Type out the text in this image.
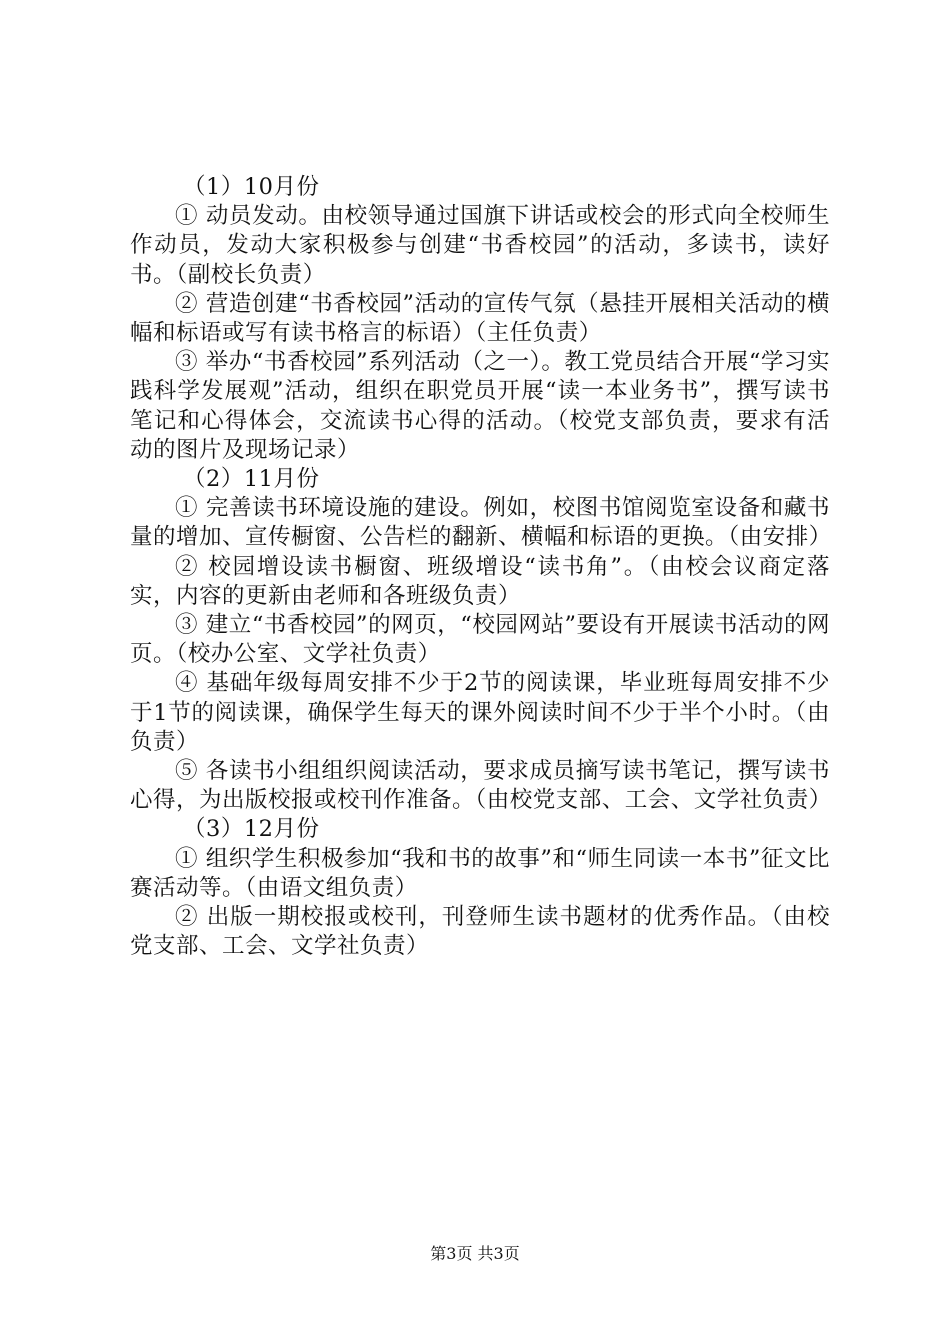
（1）10月份

① 动员发动。由校领导通过国旗下讲话或校会的形式向全校师生作动员，发动大家积极参与创建“书香校园”的活动，多读书，读好书。（副校长负责）

② 营造创建“书香校园”活动的宣传气氛（悬挂开展相关活动的横幅和标语或写有读书格言的标语）（主任负责）

③ 举办“书香校园”系列活动（之一）。教工党员结合开展“学习实践科学发展观”活动，组织在职党员开展“读一本业务书”，撰写读书笔记和心得体会，交流读书心得的活动。（校党支部负责，要求有活动的图片及现场记录）

（2）11月份

① 完善读书环境设施的建设。例如，校图书馆阅览室设备和藏书量的增加、宣传橱窗、公告栏的翻新、横幅和标语的更换。（由安排）

② 校园增设读书橱窗、班级增设“读书角”。（由校会议商定落实，内容的更新由老师和各班级负责）

③ 建立“书香校园”的网页，“校园网站”要设有开展读书活动的网页。（校办公室、文学社负责）

④ 基础年级每周安排不少于2节的阅读课，毕业班每周安排不少于1节的阅读课，确保学生每天的课外阅读时间不少于半个小时。（由负责）

⑤ 各读书小组组织阅读活动，要求成员摘写读书笔记，撰写读书心得，为出版校报或校刊作准备。（由校党支部、工会、文学社负责）

（3）12月份

① 组织学生积极参加“我和书的故事”和“师生同读一本书”征文比赛活动等。（由语文组负责）

② 出版一期校报或校刊，刊登师生读书题材的优秀作品。（由校党支部、工会、文学社负责）

第3页 共3页
